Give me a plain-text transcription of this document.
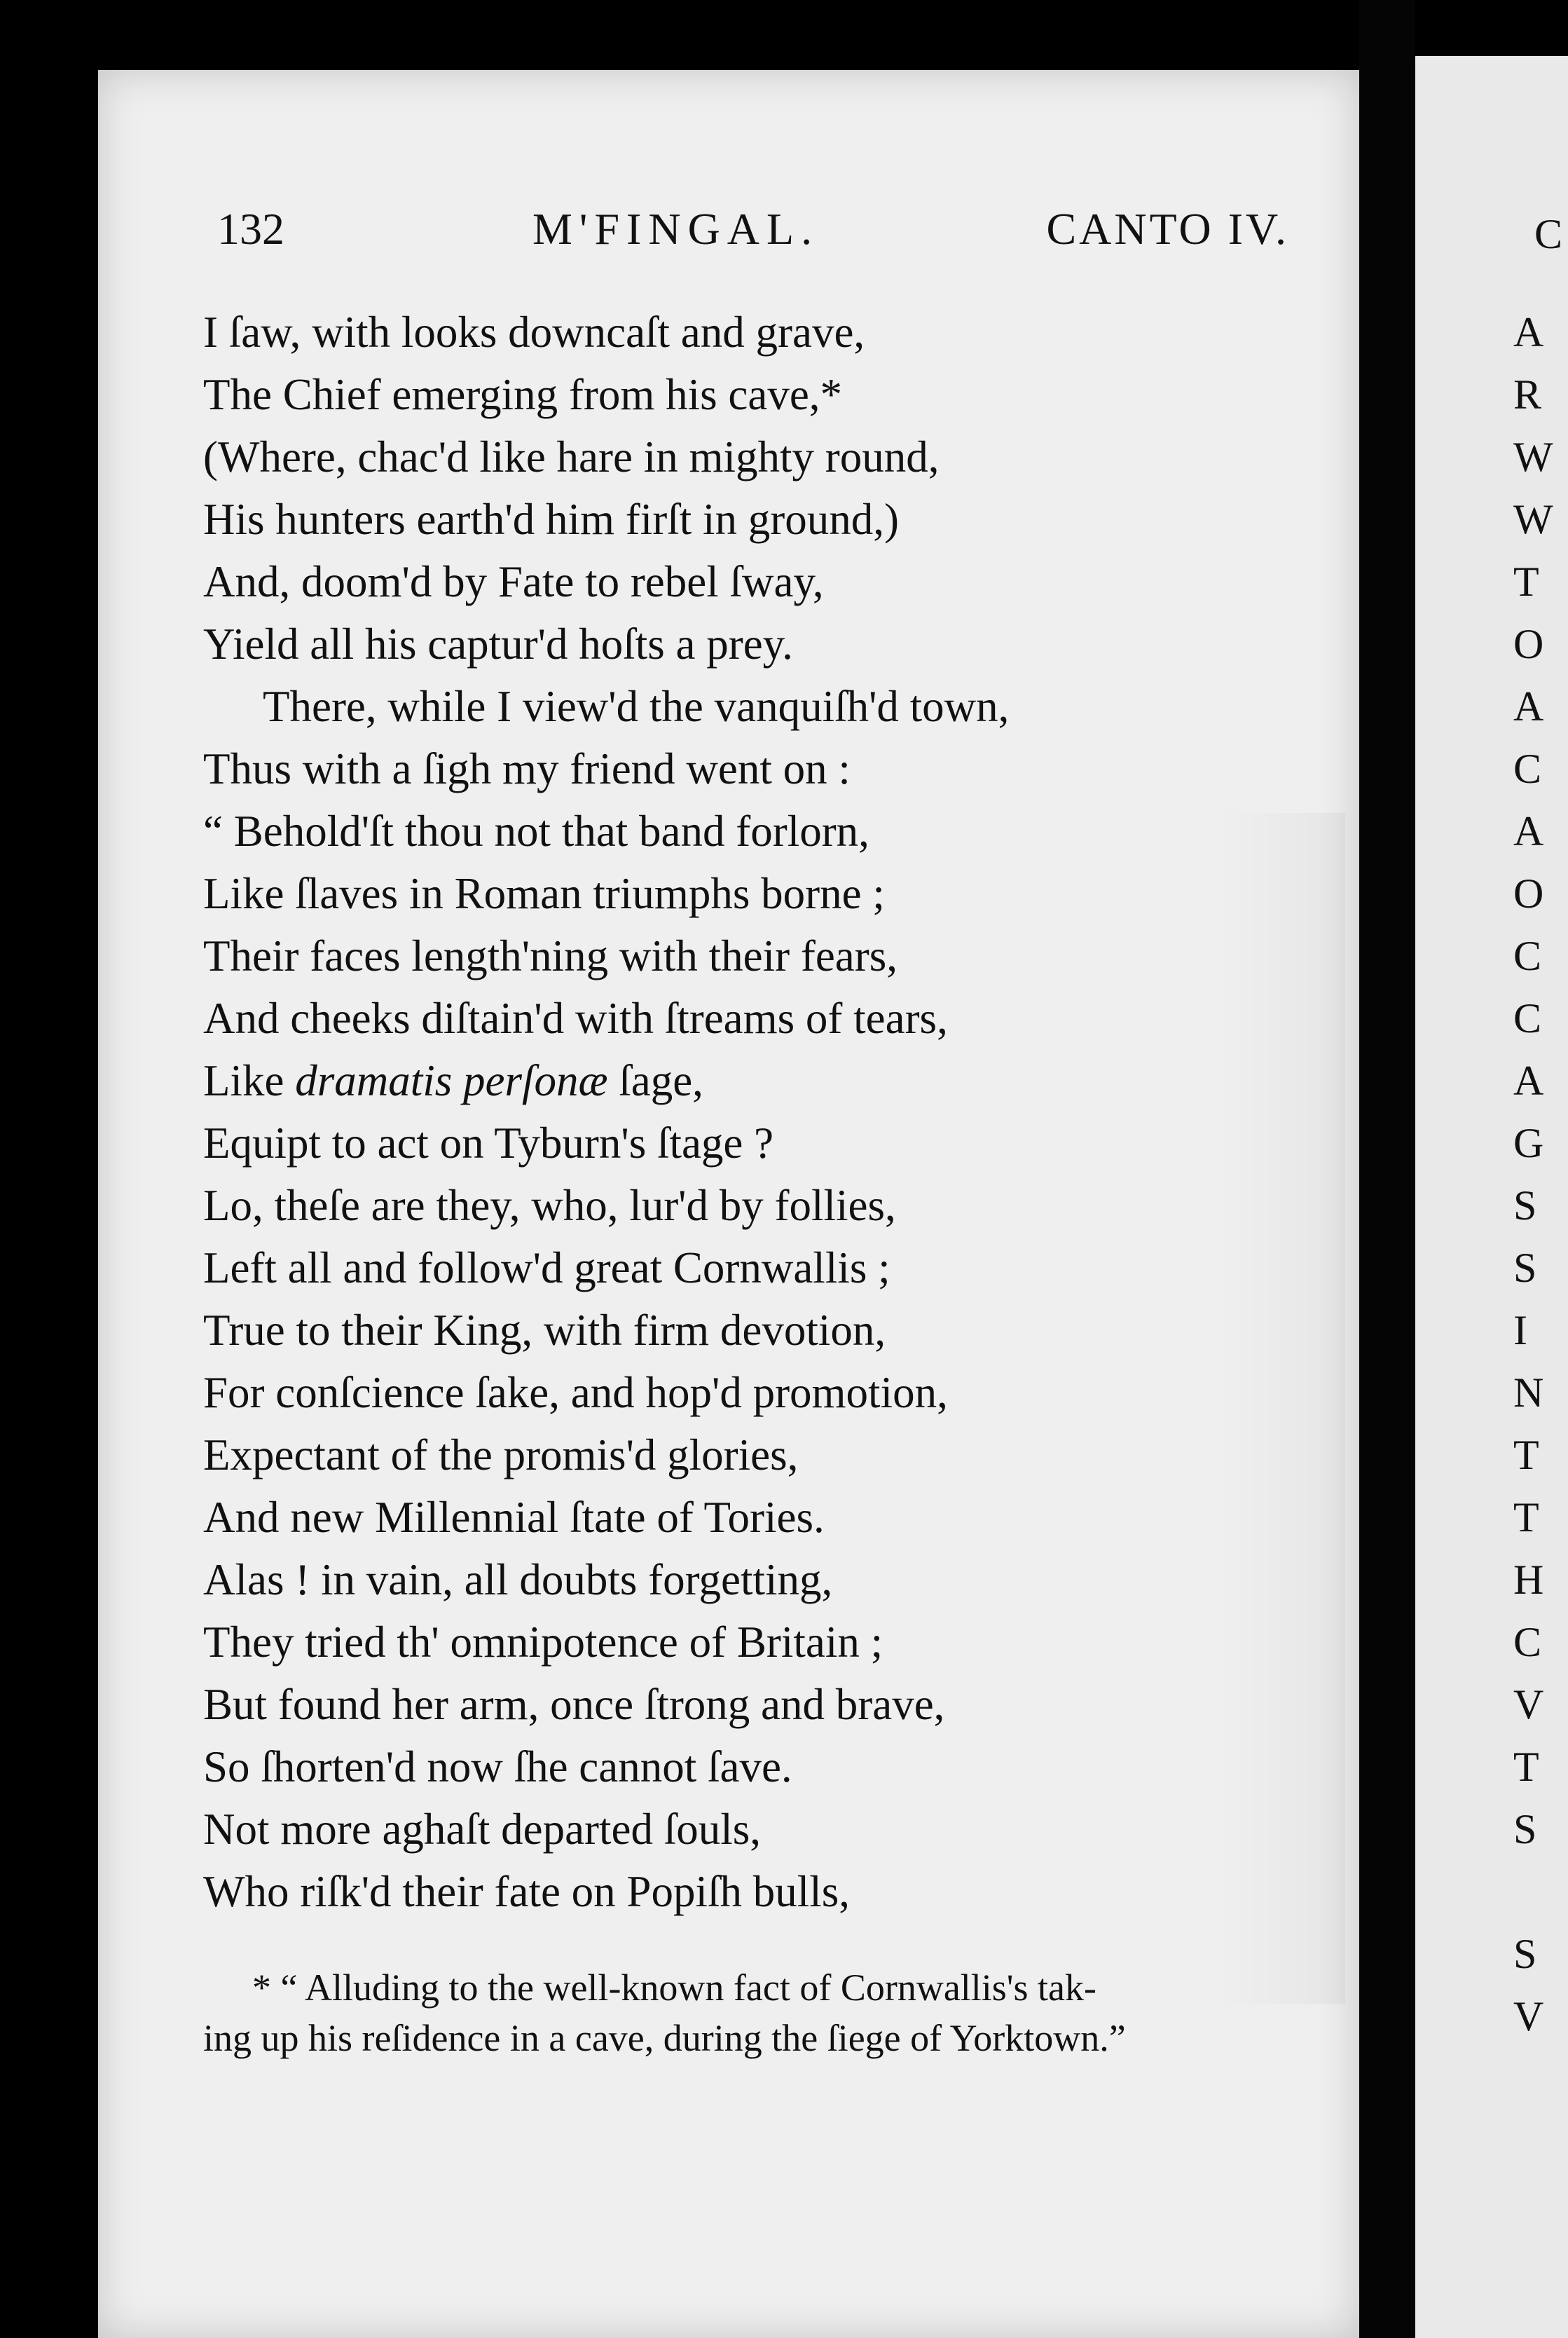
C
A
R
W
W
T
O
A
C
A
O
C
C
A
G
S
S
I
N
T
T
H
C
V
T
S
S
V
132	M'FINGAL.	CANTO IV.
I ſaw, with looks downcaſt and grave,
The Chief emerging from his cave,*
(Where, chac'd like hare in mighty round,
His hunters earth'd him firſt in ground,)
And, doom'd by Fate to rebel ſway,
Yield all his captur'd hoſts a prey.
There, while I view'd the vanquiſh'd town,
Thus with a ſigh my friend went on :
“ Behold'ſt thou not that band forlorn,
Like ſlaves in Roman triumphs borne ;
Their faces length'ning with their fears,
And cheeks diſtain'd with ſtreams of tears,
Like dramatis perſonæ ſage,
Equipt to act on Tyburn's ſtage ?
Lo, theſe are they, who, lur'd by follies,
Left all and follow'd great Cornwallis ;
True to their King, with firm devotion,
For conſcience ſake, and hop'd promotion,
Expectant of the promis'd glories,
And new Millennial ſtate of Tories.
Alas ! in vain, all doubts forgetting,
They tried th' omnipotence of Britain ;
But found her arm, once ſtrong and brave,
So ſhorten'd now ſhe cannot ſave.
Not more aghaſt departed ſouls,
Who riſk'd their fate on Popiſh bulls,

* “ Alluding to the well-known fact of Cornwallis's tak-

ing up his reſidence in a cave, during the ſiege of Yorktown.”
